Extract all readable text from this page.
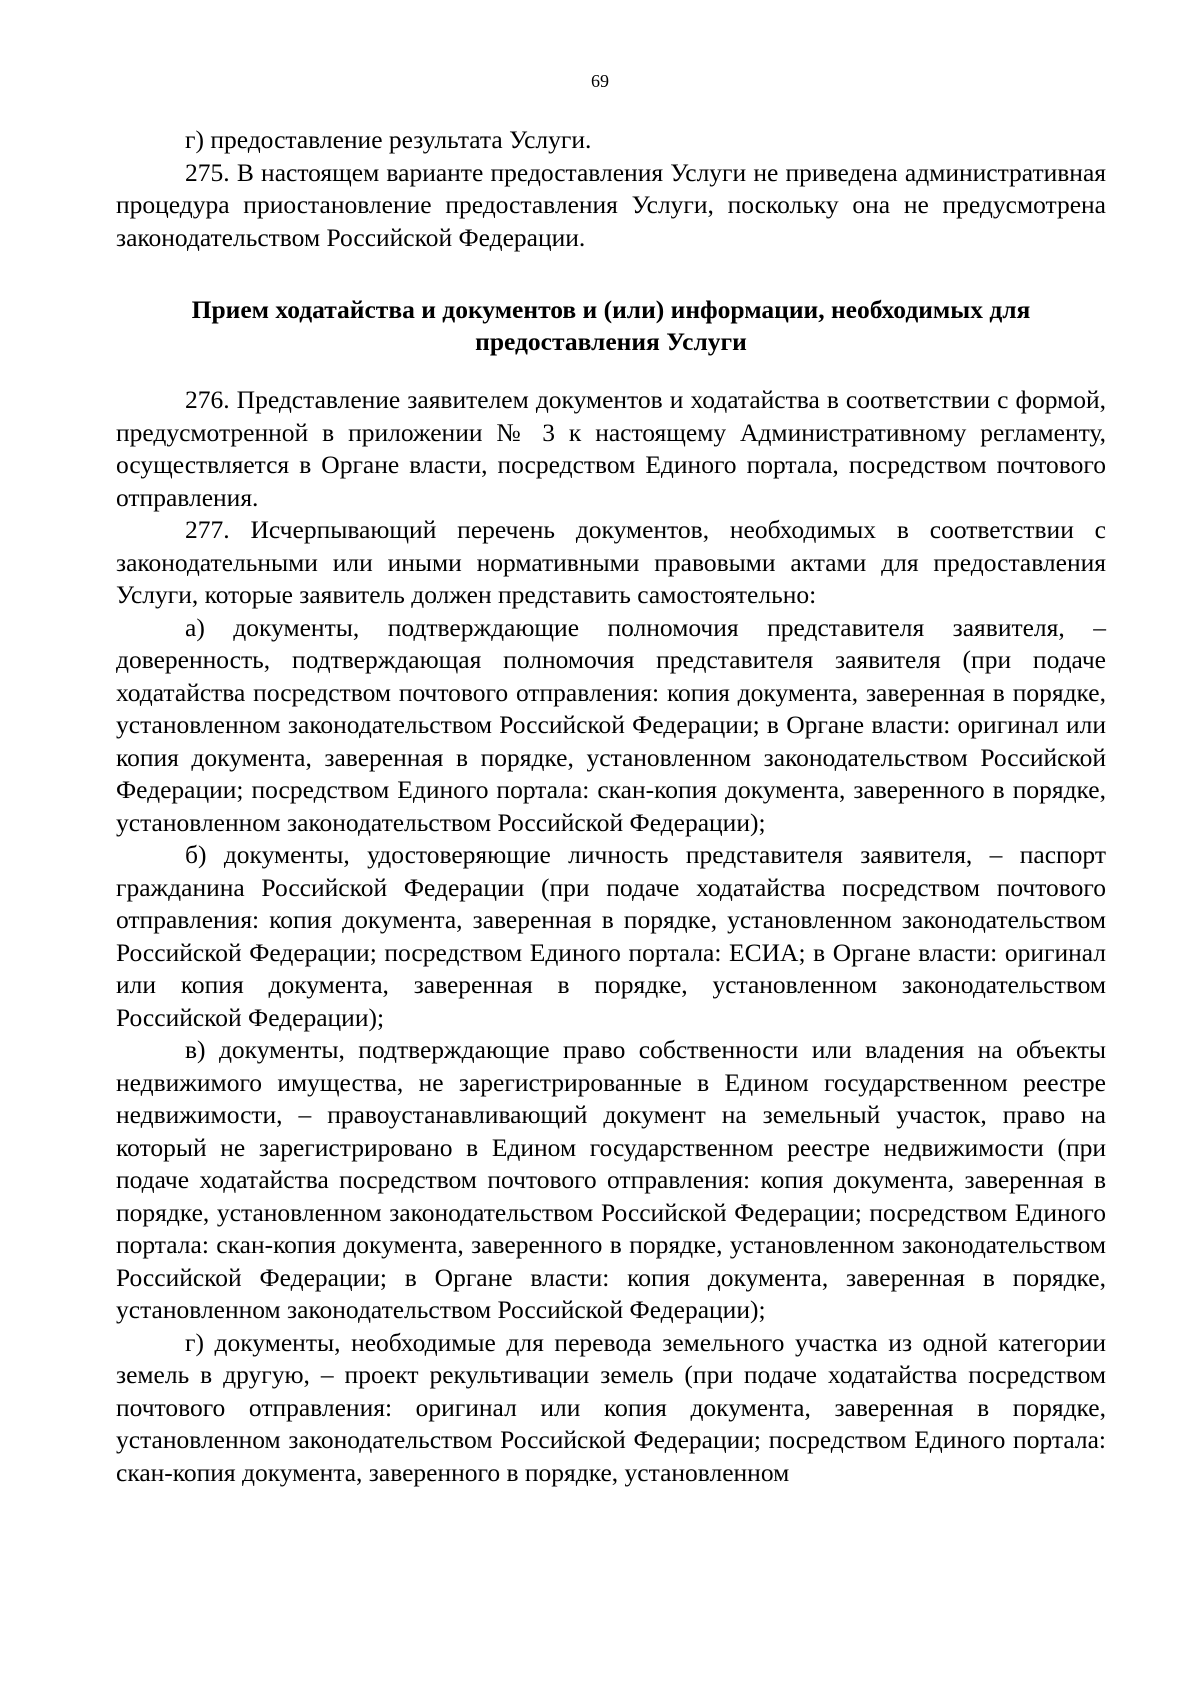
69

г) предоставление результата Услуги.

275. В настоящем варианте предоставления Услуги не приведена административная процедура приостановление предоставления Услуги, поскольку она не предусмотрена законодательством Российской Федерации.

Прием ходатайства и документов и (или) информации, необходимых для
предоставления Услуги

276. Представление заявителем документов и ходатайства в соответствии с формой, предусмотренной в приложении № 3 к настоящему Административному регламенту, осуществляется в Органе власти, посредством Единого портала, посредством почтового отправления.

277. Исчерпывающий перечень документов, необходимых в соответствии с законодательными или иными нормативными правовыми актами для предоставления Услуги, которые заявитель должен представить самостоятельно:

а) документы, подтверждающие полномочия представителя заявителя, – доверенность, подтверждающая полномочия представителя заявителя (при подаче ходатайства посредством почтового отправления: копия документа, заверенная в порядке, установленном законодательством Российской Федерации; в Органе власти: оригинал или копия документа, заверенная в порядке, установленном законодательством Российской Федерации; посредством Единого портала: скан-копия документа, заверенного в порядке, установленном законодательством Российской Федерации);

б) документы, удостоверяющие личность представителя заявителя, – паспорт гражданина Российской Федерации (при подаче ходатайства посредством почтового отправления: копия документа, заверенная в порядке, установленном законодательством Российской Федерации; посредством Единого портала: ЕСИА; в Органе власти: оригинал или копия документа, заверенная в порядке, установленном законодательством Российской Федерации);

в) документы, подтверждающие право собственности или владения на объекты недвижимого имущества, не зарегистрированные в Едином государственном реестре недвижимости, – правоустанавливающий документ на земельный участок, право на который не зарегистрировано в Едином государственном реестре недвижимости (при подаче ходатайства посредством почтового отправления: копия документа, заверенная в порядке, установленном законодательством Российской Федерации; посредством Единого портала: скан-копия документа, заверенного в порядке, установленном законодательством Российской Федерации; в Органе власти: копия документа, заверенная в порядке, установленном законодательством Российской Федерации);

г) документы, необходимые для перевода земельного участка из одной категории земель в другую, – проект рекультивации земель (при подаче ходатайства посредством почтового отправления: оригинал или копия документа, заверенная в порядке, установленном законодательством Российской Федерации; посредством Единого портала: скан-копия документа, заверенного в порядке, установленном
